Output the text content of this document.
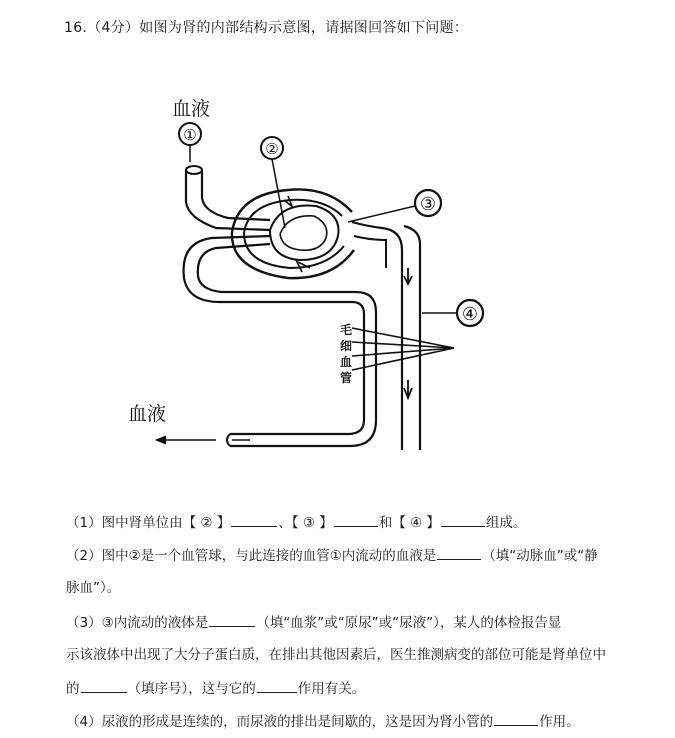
16.（4分）如图为肾的内部结构示意图，请据图回答如下问题：
血液
①
②
③
④
毛 细 血 管
血液
（1）图中肾单位由【 ② 】	、【 ③ 】	和【 ④ 】	组成。
（2）图中②是一个血管球，与此连接的血管①内流动的血液是	（填“动脉血”或“静
脉血”）。
（3）③内流动的液体是	（填“血浆”或“原尿”或“尿液”），某人的体检报告显
示该液体中出现了大分子蛋白质，在排出其他因素后，医生推测病变的部位可能是肾单位中
的	（填序号），这与它的	作用有关。
（4）尿液的形成是连续的，而尿液的排出是间歇的，这是因为肾小管的	作用。
